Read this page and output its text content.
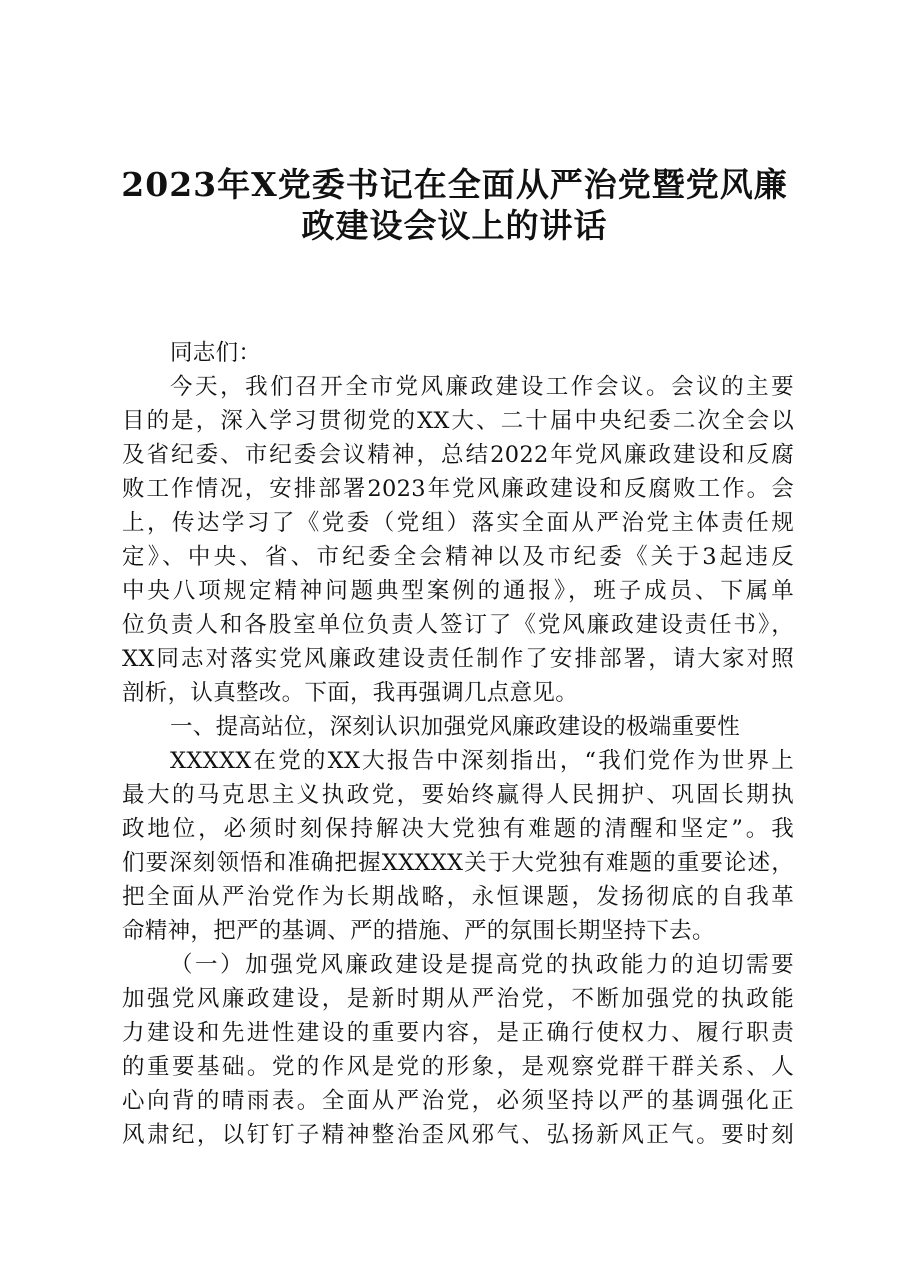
2023年X党委书记在全面从严治党暨党风廉
政建设会议上的讲话
同志们：
今天，我们召开全市党风廉政建设工作会议。会议的主要
目的是，深入学习贯彻党的XX大、二十届中央纪委二次全会以
及省纪委、市纪委会议精神，总结2022年党风廉政建设和反腐
败工作情况，安排部署2023年党风廉政建设和反腐败工作。会
上，传达学习了《党委（党组）落实全面从严治党主体责任规
定》、中央、省、市纪委全会精神以及市纪委《关于3起违反
中央八项规定精神问题典型案例的通报》，班子成员、下属单
位负责人和各股室单位负责人签订了《党风廉政建设责任书》，
XX同志对落实党风廉政建设责任制作了安排部署，请大家对照
剖析，认真整改。下面，我再强调几点意见。
一、提高站位，深刻认识加强党风廉政建设的极端重要性
XXXXX在党的XX大报告中深刻指出，“我们党作为世界上
最大的马克思主义执政党，要始终赢得人民拥护、巩固长期执
政地位，必须时刻保持解决大党独有难题的清醒和坚定”。我
们要深刻领悟和准确把握XXXXX关于大党独有难题的重要论述，
把全面从严治党作为长期战略，永恒课题，发扬彻底的自我革
命精神，把严的基调、严的措施、严的氛围长期坚持下去。
（一）加强党风廉政建设是提高党的执政能力的迫切需要
加强党风廉政建设，是新时期从严治党，不断加强党的执政能
力建设和先进性建设的重要内容，是正确行使权力、履行职责
的重要基础。党的作风是党的形象，是观察党群干群关系、人
心向背的晴雨表。全面从严治党，必须坚持以严的基调强化正
风肃纪，以钉钉子精神整治歪风邪气、弘扬新风正气。要时刻
